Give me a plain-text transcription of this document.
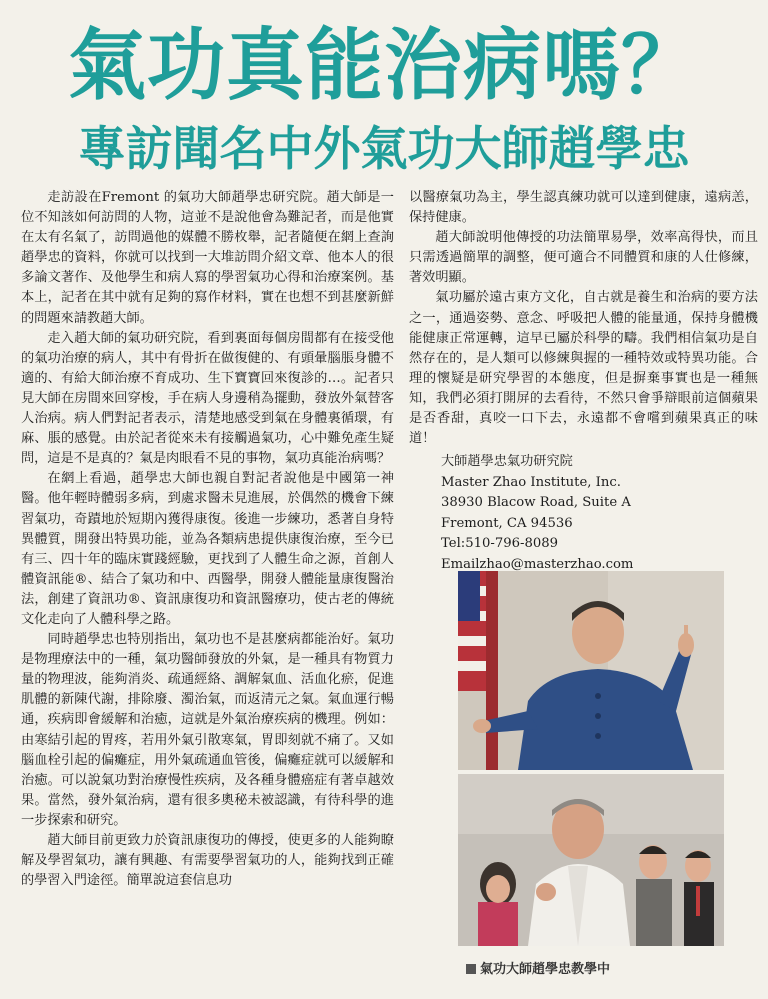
氣功真能治病嗎？
專訪聞名中外氣功大師趙學忠

走訪設在Fremont 的氣功大師趙學忠研究院。趙大師是一位不知該如何訪問的人物，這並不是說他會為難記者，而是他實在太有名氣了，訪問過他的媒體不勝枚舉，記者隨便在網上查詢趙學忠的資料，你就可以找到一大堆訪問介紹文章、他本人的很多論文著作、及他學生和病人寫的學習氣功心得和治療案例。基本上，記者在其中就有足夠的寫作材料，實在也想不到甚麼新鮮的問題來請教趙大師。

走入趙大師的氣功研究院，看到裏面每個房間都有在接受他的氣功治療的病人，其中有骨折在做復健的、有頭暈腦脹身體不適的、有給大師治療不育成功、生下寶寶回來復診的…。記者只見大師在房間來回穿梭，手在病人身邊稍為擺動，發放外氣替客人治病。病人們對記者表示，清楚地感受到氣在身體裏循環，有麻、脹的感覺。由於記者從來未有接觸過氣功，心中難免產生疑問，這是不是真的？氣是肉眼看不見的事物，氣功真能治病嗎？

在網上看過，趙學忠大師也親自對記者說他是中國第一神醫。他年輕時體弱多病，到處求醫未見進展，於偶然的機會下練習氣功，奇蹟地於短期內獲得康復。後進一步練功，悉著自身特異體質，開發出特異功能，並為各類病患提供康復治療，至今已有三、四十年的臨床實踐經驗，更找到了人體生命之源，首創人體資訊能®、結合了氣功和中、西醫學，開發人體能量康復醫治法，創建了資訊功®、資訊康復功和資訊醫療功，使古老的傳統文化走向了人體科學之路。

同時趙學忠也特別指出，氣功也不是甚麼病都能治好。氣功是物理療法中的一種，氣功醫師發放的外氣，是一種具有物質力量的物理波，能夠消炎、疏通經絡、調解氣血、活血化瘀，促進肌體的新陳代謝，排除廢、濁治氣，而返清元之氣。氣血運行暢通，疾病即會緩解和治癒，這就是外氣治療疾病的機理。例如：由寒結引起的胃疼，若用外氣引散寒氣，胃即刻就不痛了。又如腦血栓引起的偏癱症，用外氣疏通血管後，偏癱症就可以緩解和治癒。可以說氣功對治療慢性疾病，及各種身體癌症有著卓越效果。當然，發外氣治病，還有很多奧秘未被認識，有待科學的進一步探索和研究。

趙大師目前更致力於資訊康復功的傳授，使更多的人能夠瞭解及學習氣功，讓有興趣、有需要學習氣功的人，能夠找到正確的學習入門途徑。簡單說這套信息功

以醫療氣功為主，學生認真練功就可以達到健康，遠病恙，保持健康。

趙大師說明他傳授的功法簡單易學，效率高得快，而且只需透過簡單的調整，便可適合不同體質和康的人仕修練，著效明顯。

氣功屬於遠古東方文化，自古就是養生和治病的要方法之一，通過姿勢、意念、呼吸把人體的能量通，保持身體機能健康正常運轉，這早已屬於科學的疇。我們相信氣功是自然存在的，是人類可以修練與握的一種特效或特異功能。合理的懷疑是研究學習的本態度，但是摒棄事實也是一種無知，我們必須打開屏的去看待，不然只會爭辯眼前這個蘋果是否香甜，真咬一口下去，永遠都不會嚐到蘋果真正的味道！

大師趙學忠氣功研究院
Master Zhao Institute, Inc.
38930 Blacow Road, Suite A
Fremont, CA 94536
Tel:510-796-8089
Emailzhao@masterzhao.com
氣功大師趙學忠教學中
